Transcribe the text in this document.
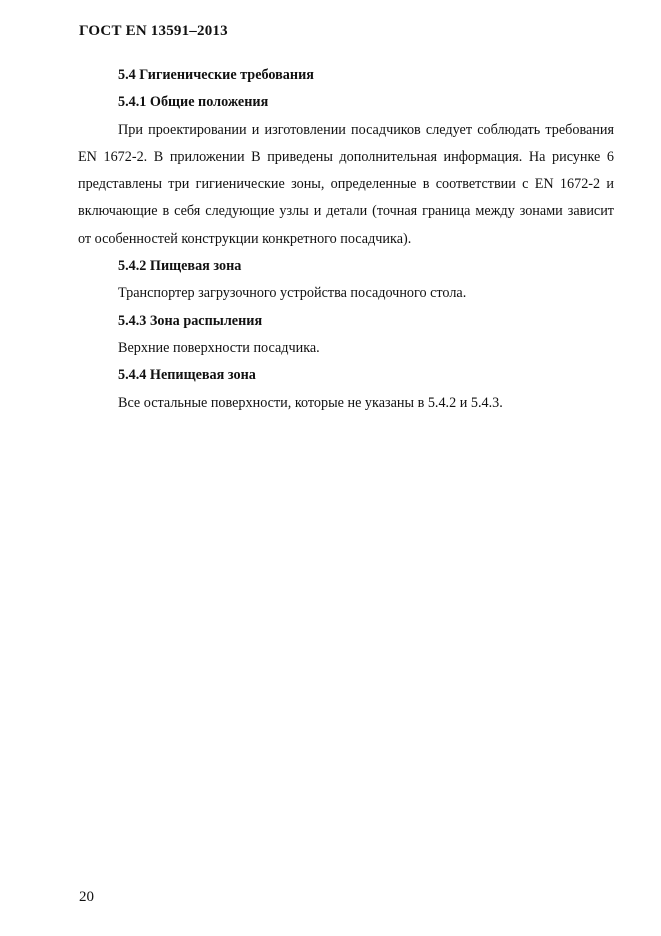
ГОСТ EN 13591–2013

5.4 Гигиенические требования

5.4.1 Общие положения

При проектировании и изготовлении посадчиков следует соблюдать требования EN 1672-2. В приложении В приведены дополнительная информация. На рисунке 6 представлены три гигиенические зоны, определенные в соответствии с EN 1672-2 и включающие в себя следующие узлы и детали (точная граница между зонами зависит от особенностей конструкции конкретного посадчика).

5.4.2 Пищевая зона

Транспортер загрузочного устройства посадочного стола.

5.4.3 Зона распыления

Верхние поверхности посадчика.

5.4.4 Непищевая зона

Все остальные поверхности, которые не указаны в 5.4.2 и 5.4.3.

20
